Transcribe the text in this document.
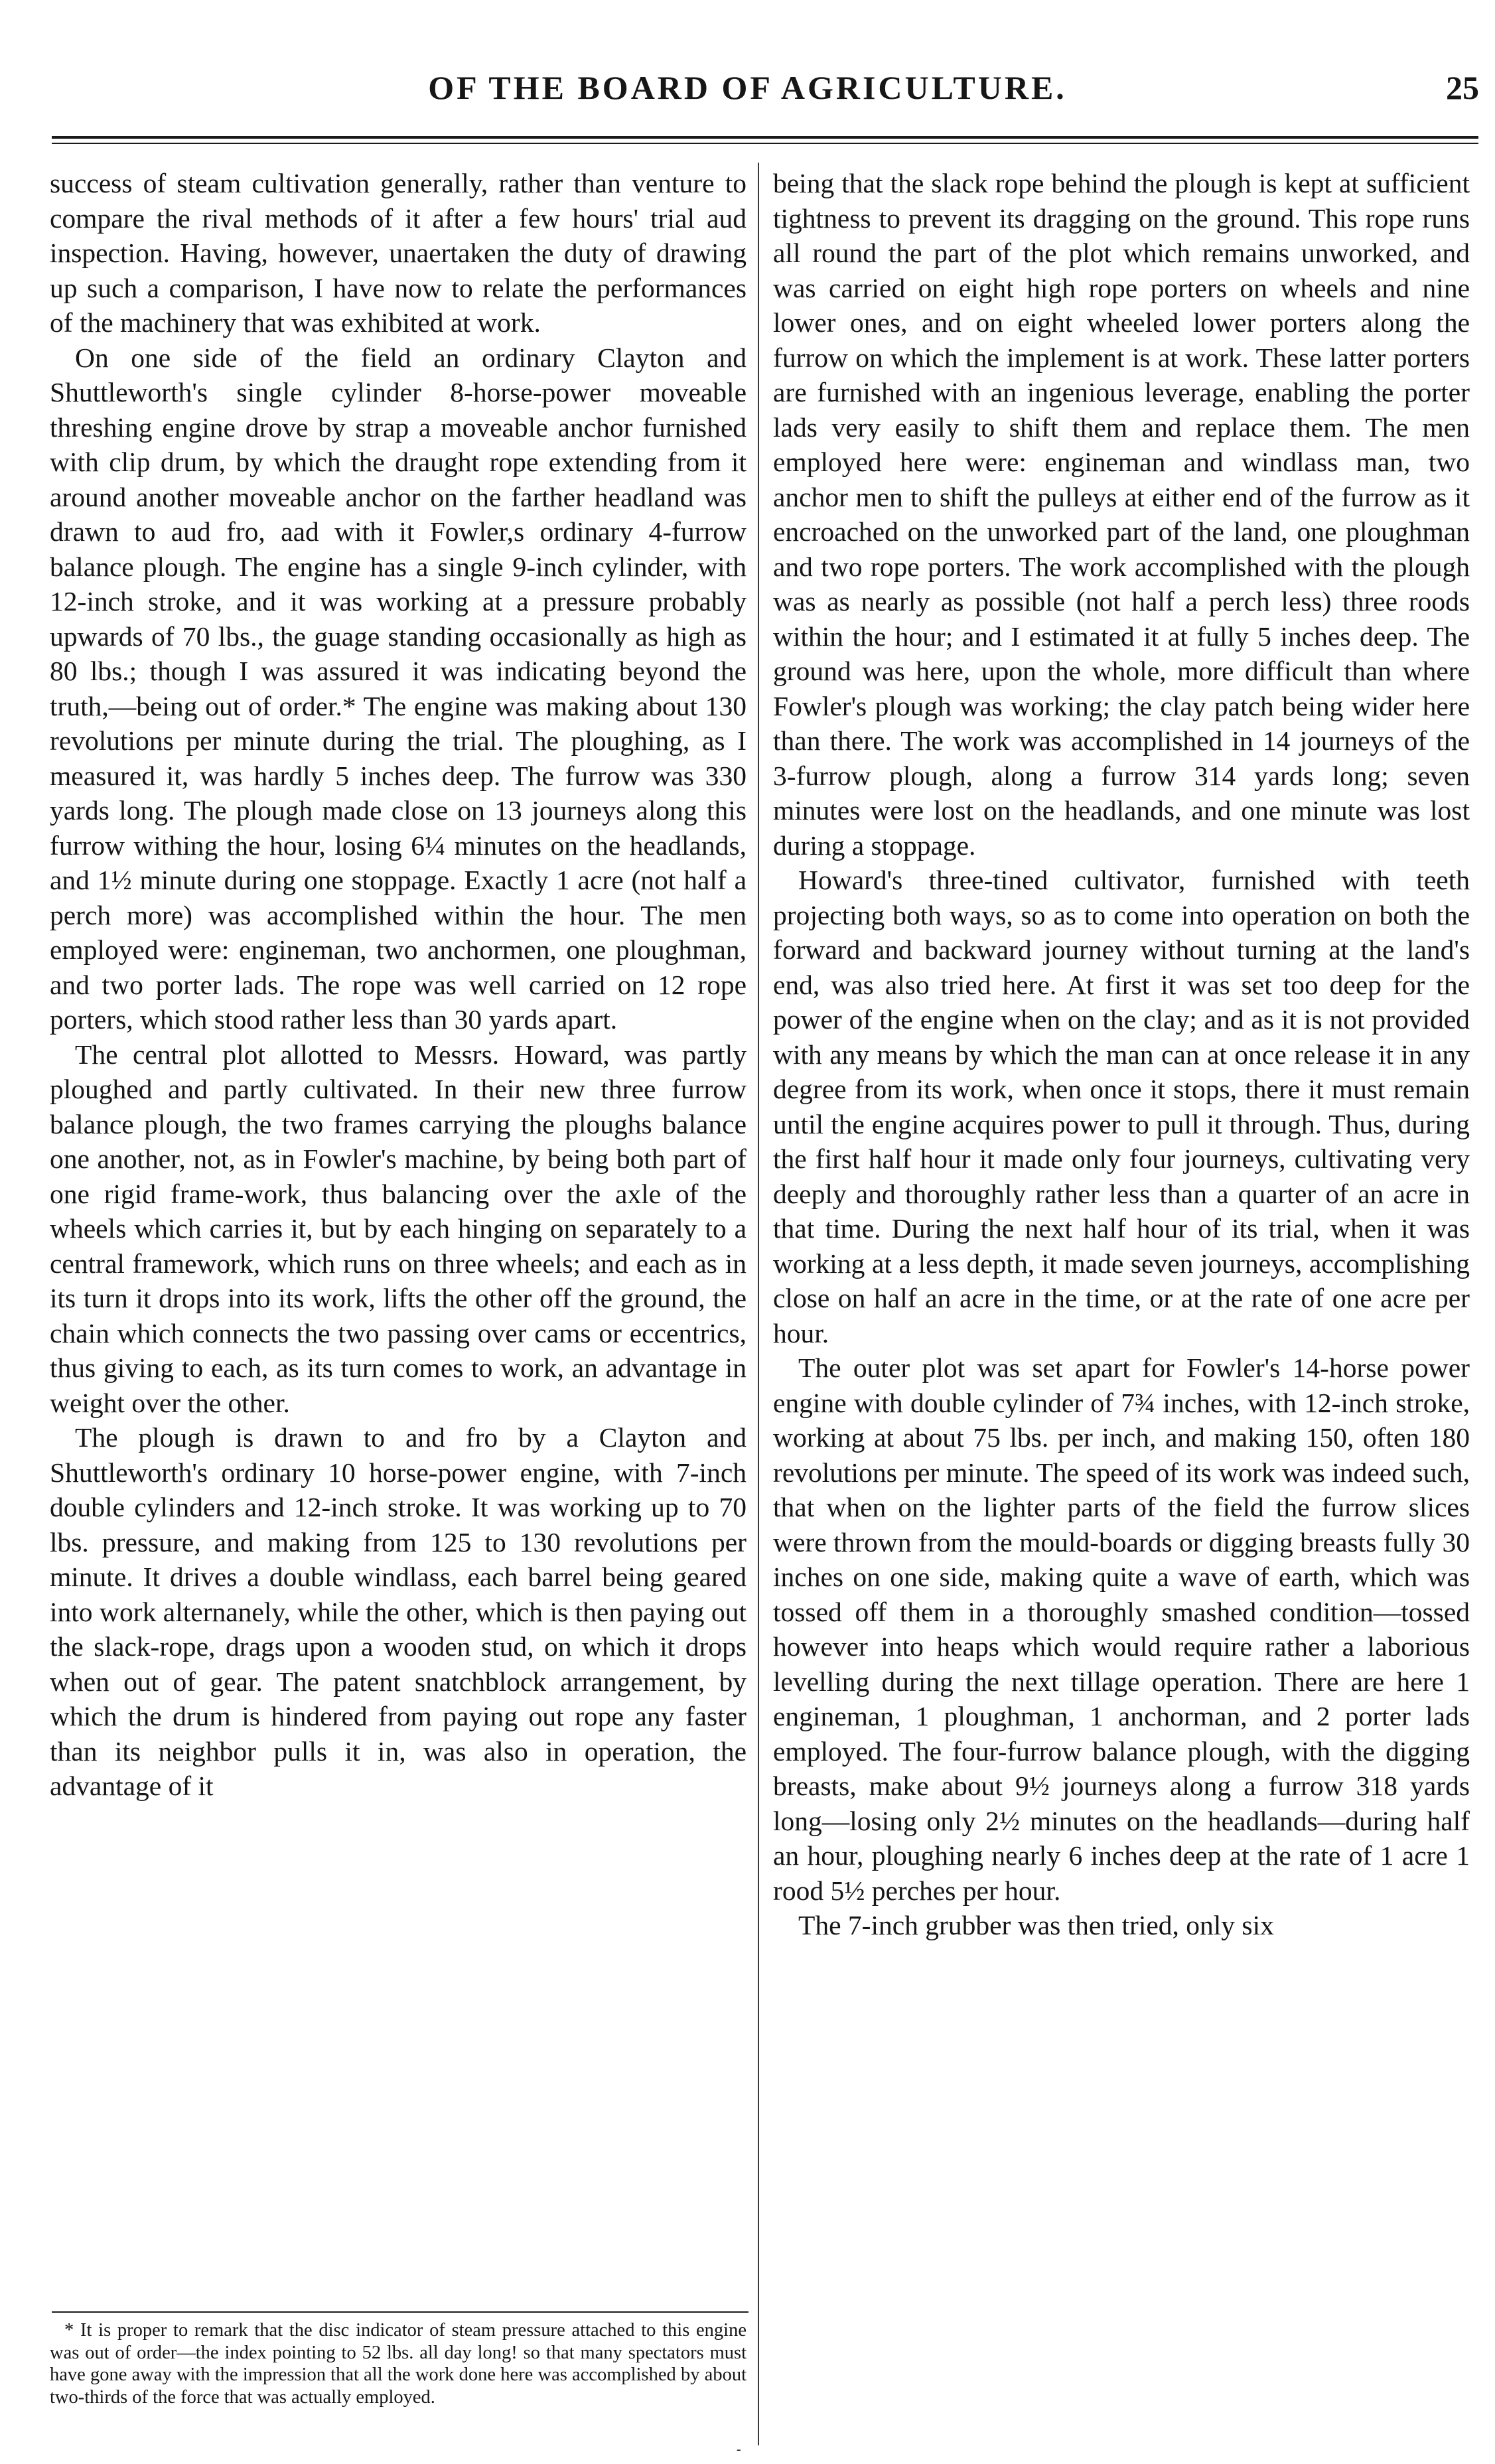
OF THE BOARD OF AGRICULTURE.	25

success of steam cultivation generally, rather than venture to compare the rival methods of it after a few hours' trial aud inspection. Having, however, unaertaken the duty of drawing up such a comparison, I have now to relate the performances of the machinery that was exhibited at work.

On one side of the field an ordinary Clayton and Shuttleworth's single cylinder 8-horse-power moveable threshing engine drove by strap a moveable anchor furnished with clip drum, by which the draught rope extending from it around another moveable anchor on the farther headland was drawn to aud fro, aad with it Fowler,s ordinary 4-furrow balance plough. The engine has a single 9-inch cylinder, with 12-inch stroke, and it was working at a pressure probably upwards of 70 lbs., the guage standing occasionally as high as 80 lbs.; though I was assured it was indicating beyond the truth,—being out of order.* The engine was making about 130 revolutions per minute during the trial. The ploughing, as I measured it, was hardly 5 inches deep. The furrow was 330 yards long. The plough made close on 13 journeys along this furrow withing the hour, losing 6¼ minutes on the headlands, and 1½ minute during one stoppage. Exactly 1 acre (not half a perch more) was accomplished within the hour. The men employed were: engineman, two anchormen, one ploughman, and two porter lads. The rope was well carried on 12 rope porters, which stood rather less than 30 yards apart.

The central plot allotted to Messrs. Howard, was partly ploughed and partly cultivated. In their new three furrow balance plough, the two frames carrying the ploughs balance one another, not, as in Fowler's machine, by being both part of one rigid frame-work, thus balancing over the axle of the wheels which carries it, but by each hinging on separately to a central framework, which runs on three wheels; and each as in its turn it drops into its work, lifts the other off the ground, the chain which connects the two passing over cams or eccentrics, thus giving to each, as its turn comes to work, an advantage in weight over the other.

The plough is drawn to and fro by a Clayton and Shuttleworth's ordinary 10 horse-power engine, with 7-inch double cylinders and 12-inch stroke. It was working up to 70 lbs. pressure, and making from 125 to 130 revolutions per minute. It drives a double windlass, each barrel being geared into work alternanely, while the other, which is then paying out the slack-rope, drags upon a wooden stud, on which it drops when out of gear. The patent snatchblock arrangement, by which the drum is hindered from paying out rope any faster than its neighbor pulls it in, was also in operation, the advantage of it

being that the slack rope behind the plough is kept at sufficient tightness to prevent its dragging on the ground. This rope runs all round the part of the plot which remains unworked, and was carried on eight high rope porters on wheels and nine lower ones, and on eight wheeled lower porters along the furrow on which the implement is at work. These latter porters are furnished with an ingenious leverage, enabling the porter lads very easily to shift them and replace them. The men employed here were: engineman and windlass man, two anchor men to shift the pulleys at either end of the furrow as it encroached on the unworked part of the land, one ploughman and two rope porters. The work accomplished with the plough was as nearly as possible (not half a perch less) three roods within the hour; and I estimated it at fully 5 inches deep. The ground was here, upon the whole, more difficult than where Fowler's plough was working; the clay patch being wider here than there. The work was accomplished in 14 journeys of the 3-furrow plough, along a furrow 314 yards long; seven minutes were lost on the headlands, and one minute was lost during a stoppage.

Howard's three-tined cultivator, furnished with teeth projecting both ways, so as to come into operation on both the forward and backward journey without turning at the land's end, was also tried here. At first it was set too deep for the power of the engine when on the clay; and as it is not provided with any means by which the man can at once release it in any degree from its work, when once it stops, there it must remain until the engine acquires power to pull it through. Thus, during the first half hour it made only four journeys, cultivating very deeply and thoroughly rather less than a quarter of an acre in that time. During the next half hour of its trial, when it was working at a less depth, it made seven journeys, accomplishing close on half an acre in the time, or at the rate of one acre per hour.

The outer plot was set apart for Fowler's 14-horse power engine with double cylinder of 7¾ inches, with 12-inch stroke, working at about 75 lbs. per inch, and making 150, often 180 revolutions per minute. The speed of its work was indeed such, that when on the lighter parts of the field the furrow slices were thrown from the mould-boards or digging breasts fully 30 inches on one side, making quite a wave of earth, which was tossed off them in a thoroughly smashed condition—tossed however into heaps which would require rather a laborious levelling during the next tillage operation. There are here 1 engineman, 1 ploughman, 1 anchorman, and 2 porter lads employed. The four-furrow balance plough, with the digging breasts, make about 9½ journeys along a furrow 318 yards long—losing only 2½ minutes on the headlands—during half an hour, ploughing nearly 6 inches deep at the rate of 1 acre 1 rood 5½ perches per hour.

The 7-inch grubber was then tried, only six

* It is proper to remark that the disc indicator of steam pressure attached to this engine was out of order—the index pointing to 52 lbs. all day long! so that many spectators must have gone away with the impression that all the work done here was accomplished by about two-thirds of the force that was actually employed.

-
